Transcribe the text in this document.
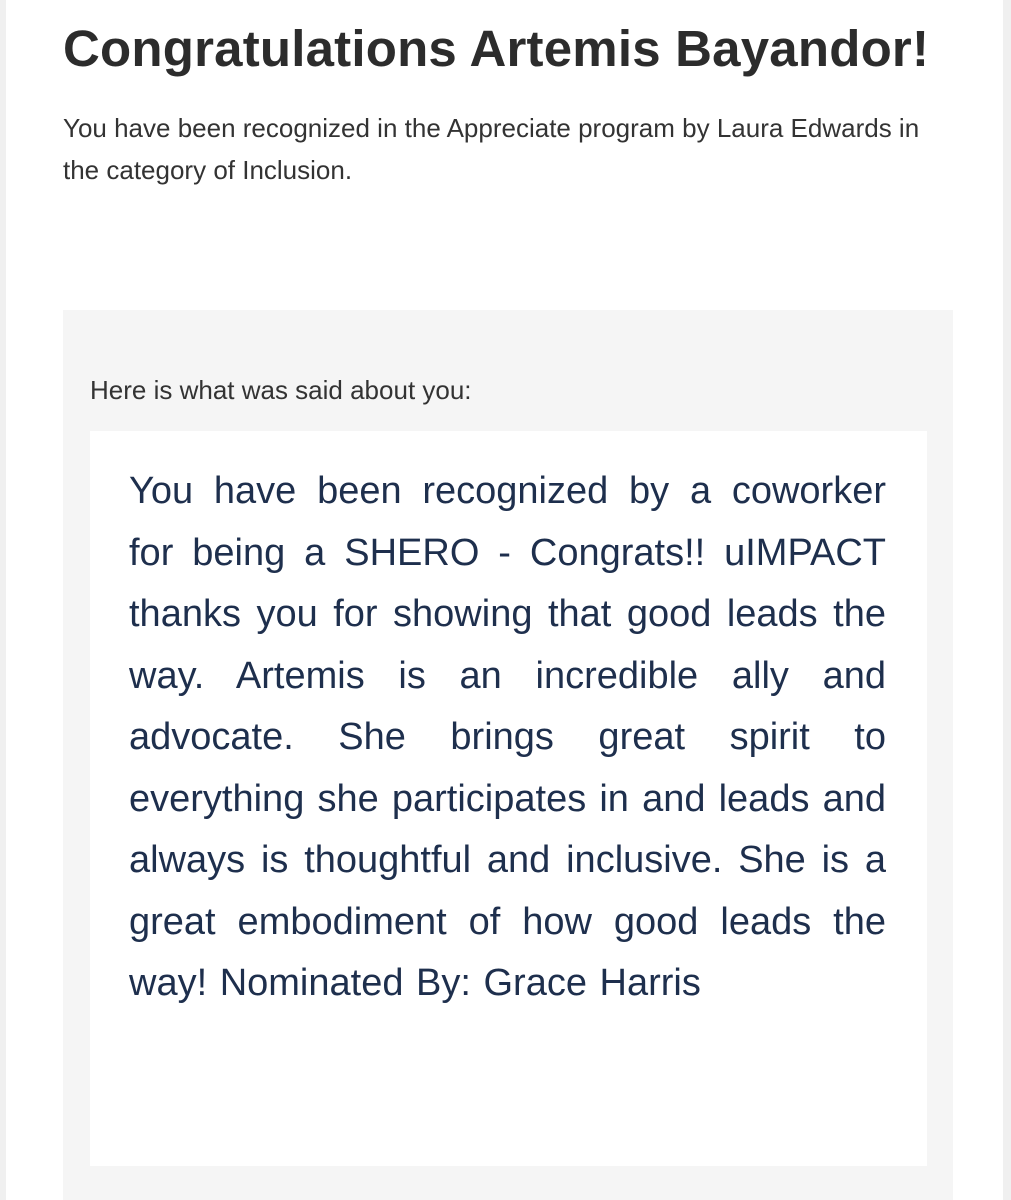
Congratulations Artemis Bayandor!

You have been recognized in the Appreciate program by Laura Edwards in the category of Inclusion.

Here is what was said about you:

You have been recognized by a coworker for being a SHERO - Congrats!! uIMPACT thanks you for showing that good leads the way. Artemis is an incredible ally and advocate. She brings great spirit to everything she participates in and leads and always is thoughtful and inclusive. She is a great embodiment of how good leads the way! Nominated By: Grace Harris
